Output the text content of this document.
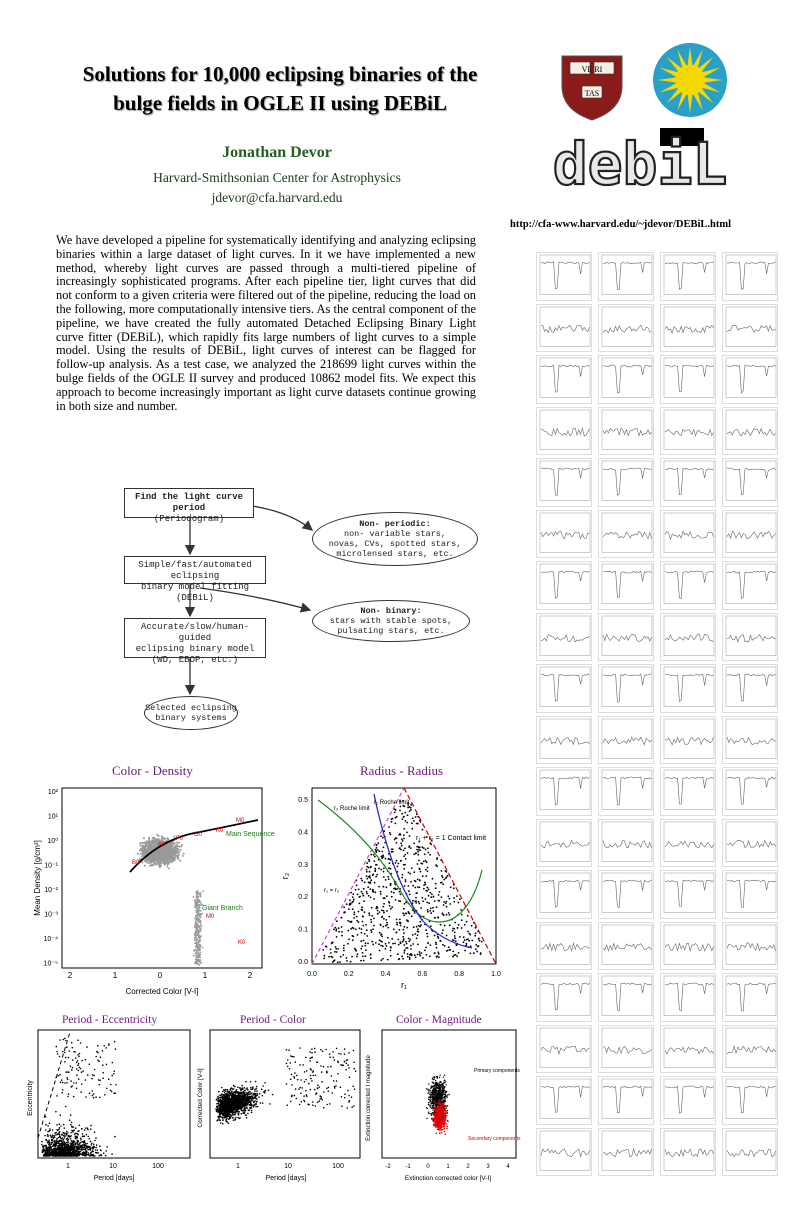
Solutions for 10,000 eclipsing binaries of the
bulge fields in OGLE II using DEBiL
Jonathan Devor
Harvard-Smithsonian Center for Astrophysics
jdevor@cfa.harvard.edu
VE RI
TAS
debiL
http://cfa-www.harvard.edu/~jdevor/DEBiL.html
We have developed a pipeline for systematically identifying and analyzing eclipsing binaries within a large dataset of light curves. In it we have implemented a new method, whereby light curves are passed through a multi-tiered pipeline of increasingly sophisticated programs. After each pipeline tier, light curves that did not conform to a given criteria were filtered out of the pipeline, reducing the load on the following, more computationally intensive tiers. As the central component of the pipeline, we have created the fully automated Detached Eclipsing Binary Light curve fitter (DEBiL), which rapidly fits large numbers of light curves to a simple model. Using the results of DEBiL, light curves of interest can be flagged for follow-up analysis. As a test case, we analyzed the 218699 light curves within the bulge fields of the OGLE II survey and produced 10862 model fits. We expect this approach to become increasingly important as light curve datasets continue growing in both size and number.
Find the light curve period
(Periodogram)	Non- periodic:
non- variable stars,
novas, CVs, spotted stars,
microlensed stars, etc.
Simple/fast/automated eclipsing
binary model fitting (DEBiL)
Non- binary:
stars with stable spots,
pulsating stars, etc.
Accurate/slow/human- guided
eclipsing binary model
(WD, EBOP, etc.)
Selected eclipsing
binary systems
Color - Density
Main Sequence
Giant Branch
M0
K0
G0
F0
A0
B0
M0
K0
2	1	0	1	2
10²
10¹
10⁰
10⁻¹
10⁻²
10⁻³
10⁻⁴
10⁻⁵
Corrected Color [V-I]
Mean Density [g/cm³]
Radius - Radius
r₂ Roche limit
r₁ Roche limit
r₁ + r₂ = 1 Contact limit
r₁ = r₂
0.0	0.2	0.4	0.6	0.8	1.0
0.5
0.4
0.3
0.2
0.1
0.0
r₁
r₂
Period - Eccentricity
1	10	100
Period [days]
Eccentricity
Period - Color
1	10	100
Period [days]
Corrected Color [V-I]
Color - Magnitude
Primary components
Secondary components
-2 -1	0	1	2	3	4
Extinction corrected color [V-I]
Extinction corrected I magnitude
